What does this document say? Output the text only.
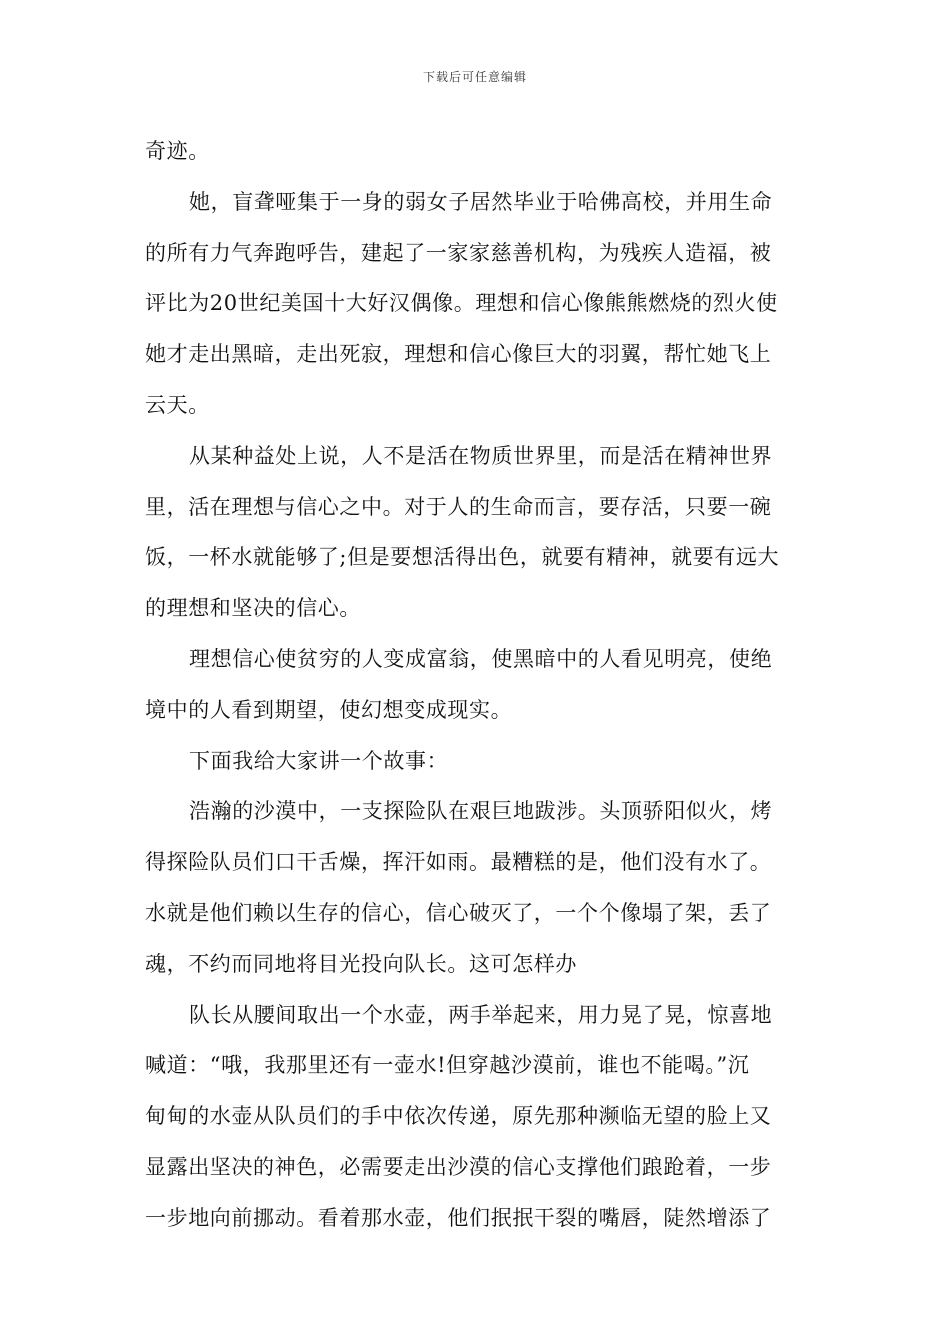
下载后可任意编辑
奇迹。
她，盲聋哑集于一身的弱女子居然毕业于哈佛高校，并用生命
的所有力气奔跑呼告，建起了一家家慈善机构，为残疾人造福，被
评比为20世纪美国十大好汉偶像。理想和信心像熊熊燃烧的烈火使
她才走出黑暗，走出死寂，理想和信心像巨大的羽翼，帮忙她飞上
云天。
从某种益处上说，人不是活在物质世界里，而是活在精神世界
里，活在理想与信心之中。对于人的生命而言，要存活，只要一碗
饭，一杯水就能够了;但是要想活得出色，就要有精神，就要有远大
的理想和坚决的信心。
理想信心使贫穷的人变成富翁，使黑暗中的人看见明亮，使绝
境中的人看到期望，使幻想变成现实。
下面我给大家讲一个故事：
浩瀚的沙漠中，一支探险队在艰巨地跋涉。头顶骄阳似火，烤
得探险队员们口干舌燥，挥汗如雨。最糟糕的是，他们没有水了。
水就是他们赖以生存的信心，信心破灭了，一个个像塌了架，丢了
魂，不约而同地将目光投向队长。这可怎样办
队长从腰间取出一个水壶，两手举起来，用力晃了晃，惊喜地
喊道：“哦，我那里还有一壶水!但穿越沙漠前，谁也不能喝。”沉
甸甸的水壶从队员们的手中依次传递，原先那种濒临无望的脸上又
显露出坚决的神色，必需要走出沙漠的信心支撑他们踉跄着，一步
一步地向前挪动。看着那水壶，他们抿抿干裂的嘴唇，陡然增添了
